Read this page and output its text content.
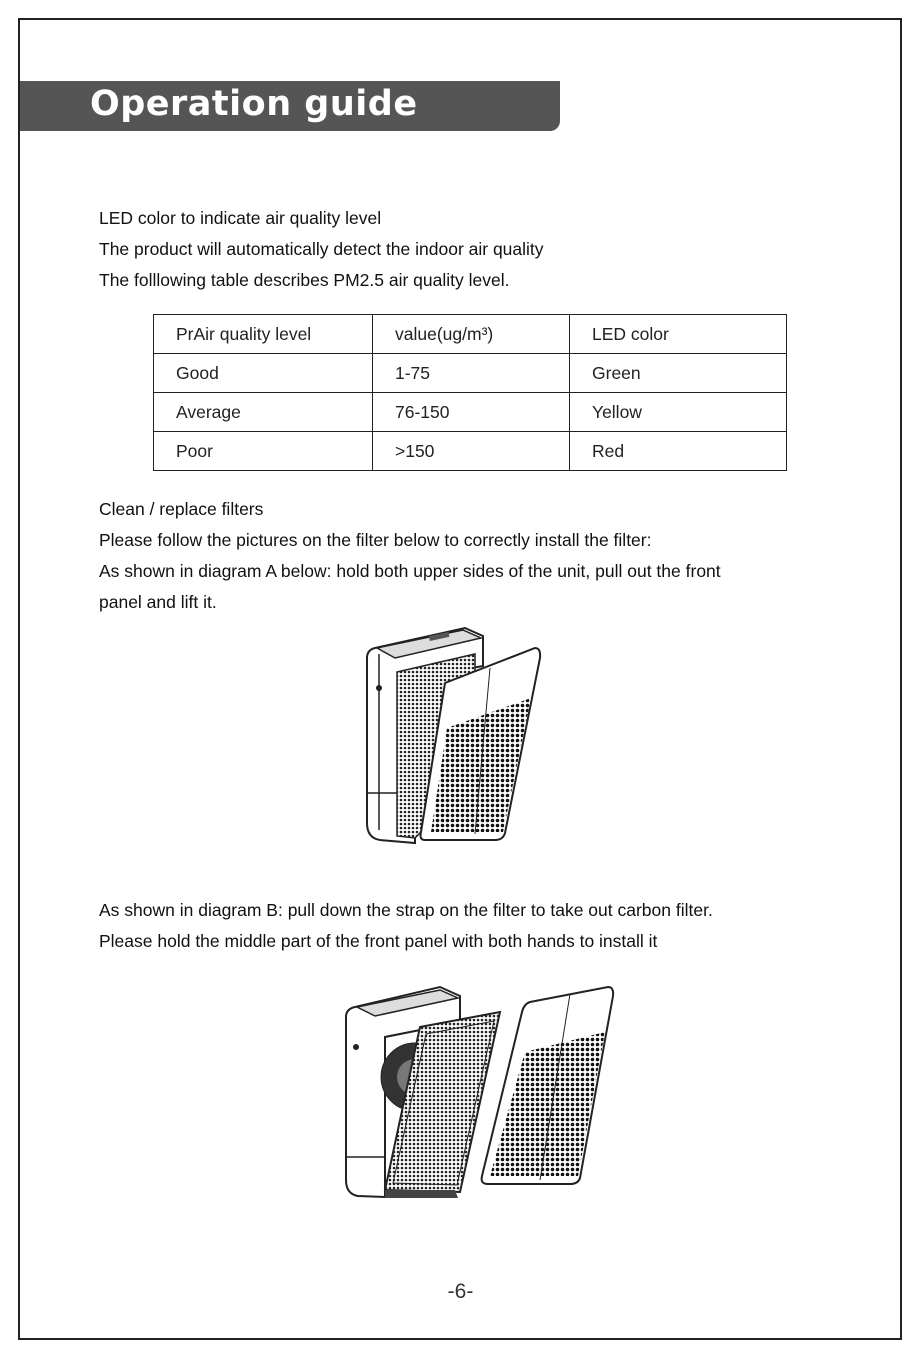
Operation guide
LED color to indicate air quality level
The product will automatically detect the indoor air quality
The folllowing table describes PM2.5 air quality level.
PrAir quality level	value(ug/m³)	LED color
Good	1-75	Green
Average	76-150	Yellow
Poor	>150	Red
Clean / replace filters
Please follow the pictures on the filter below to correctly install the filter:
As shown in diagram A below: hold both upper sides of the unit, pull out the front
panel and lift it.
As shown in diagram B: pull down the strap on the filter to take out carbon filter.
Please hold the middle part of the front panel with both hands to install it
-6-
